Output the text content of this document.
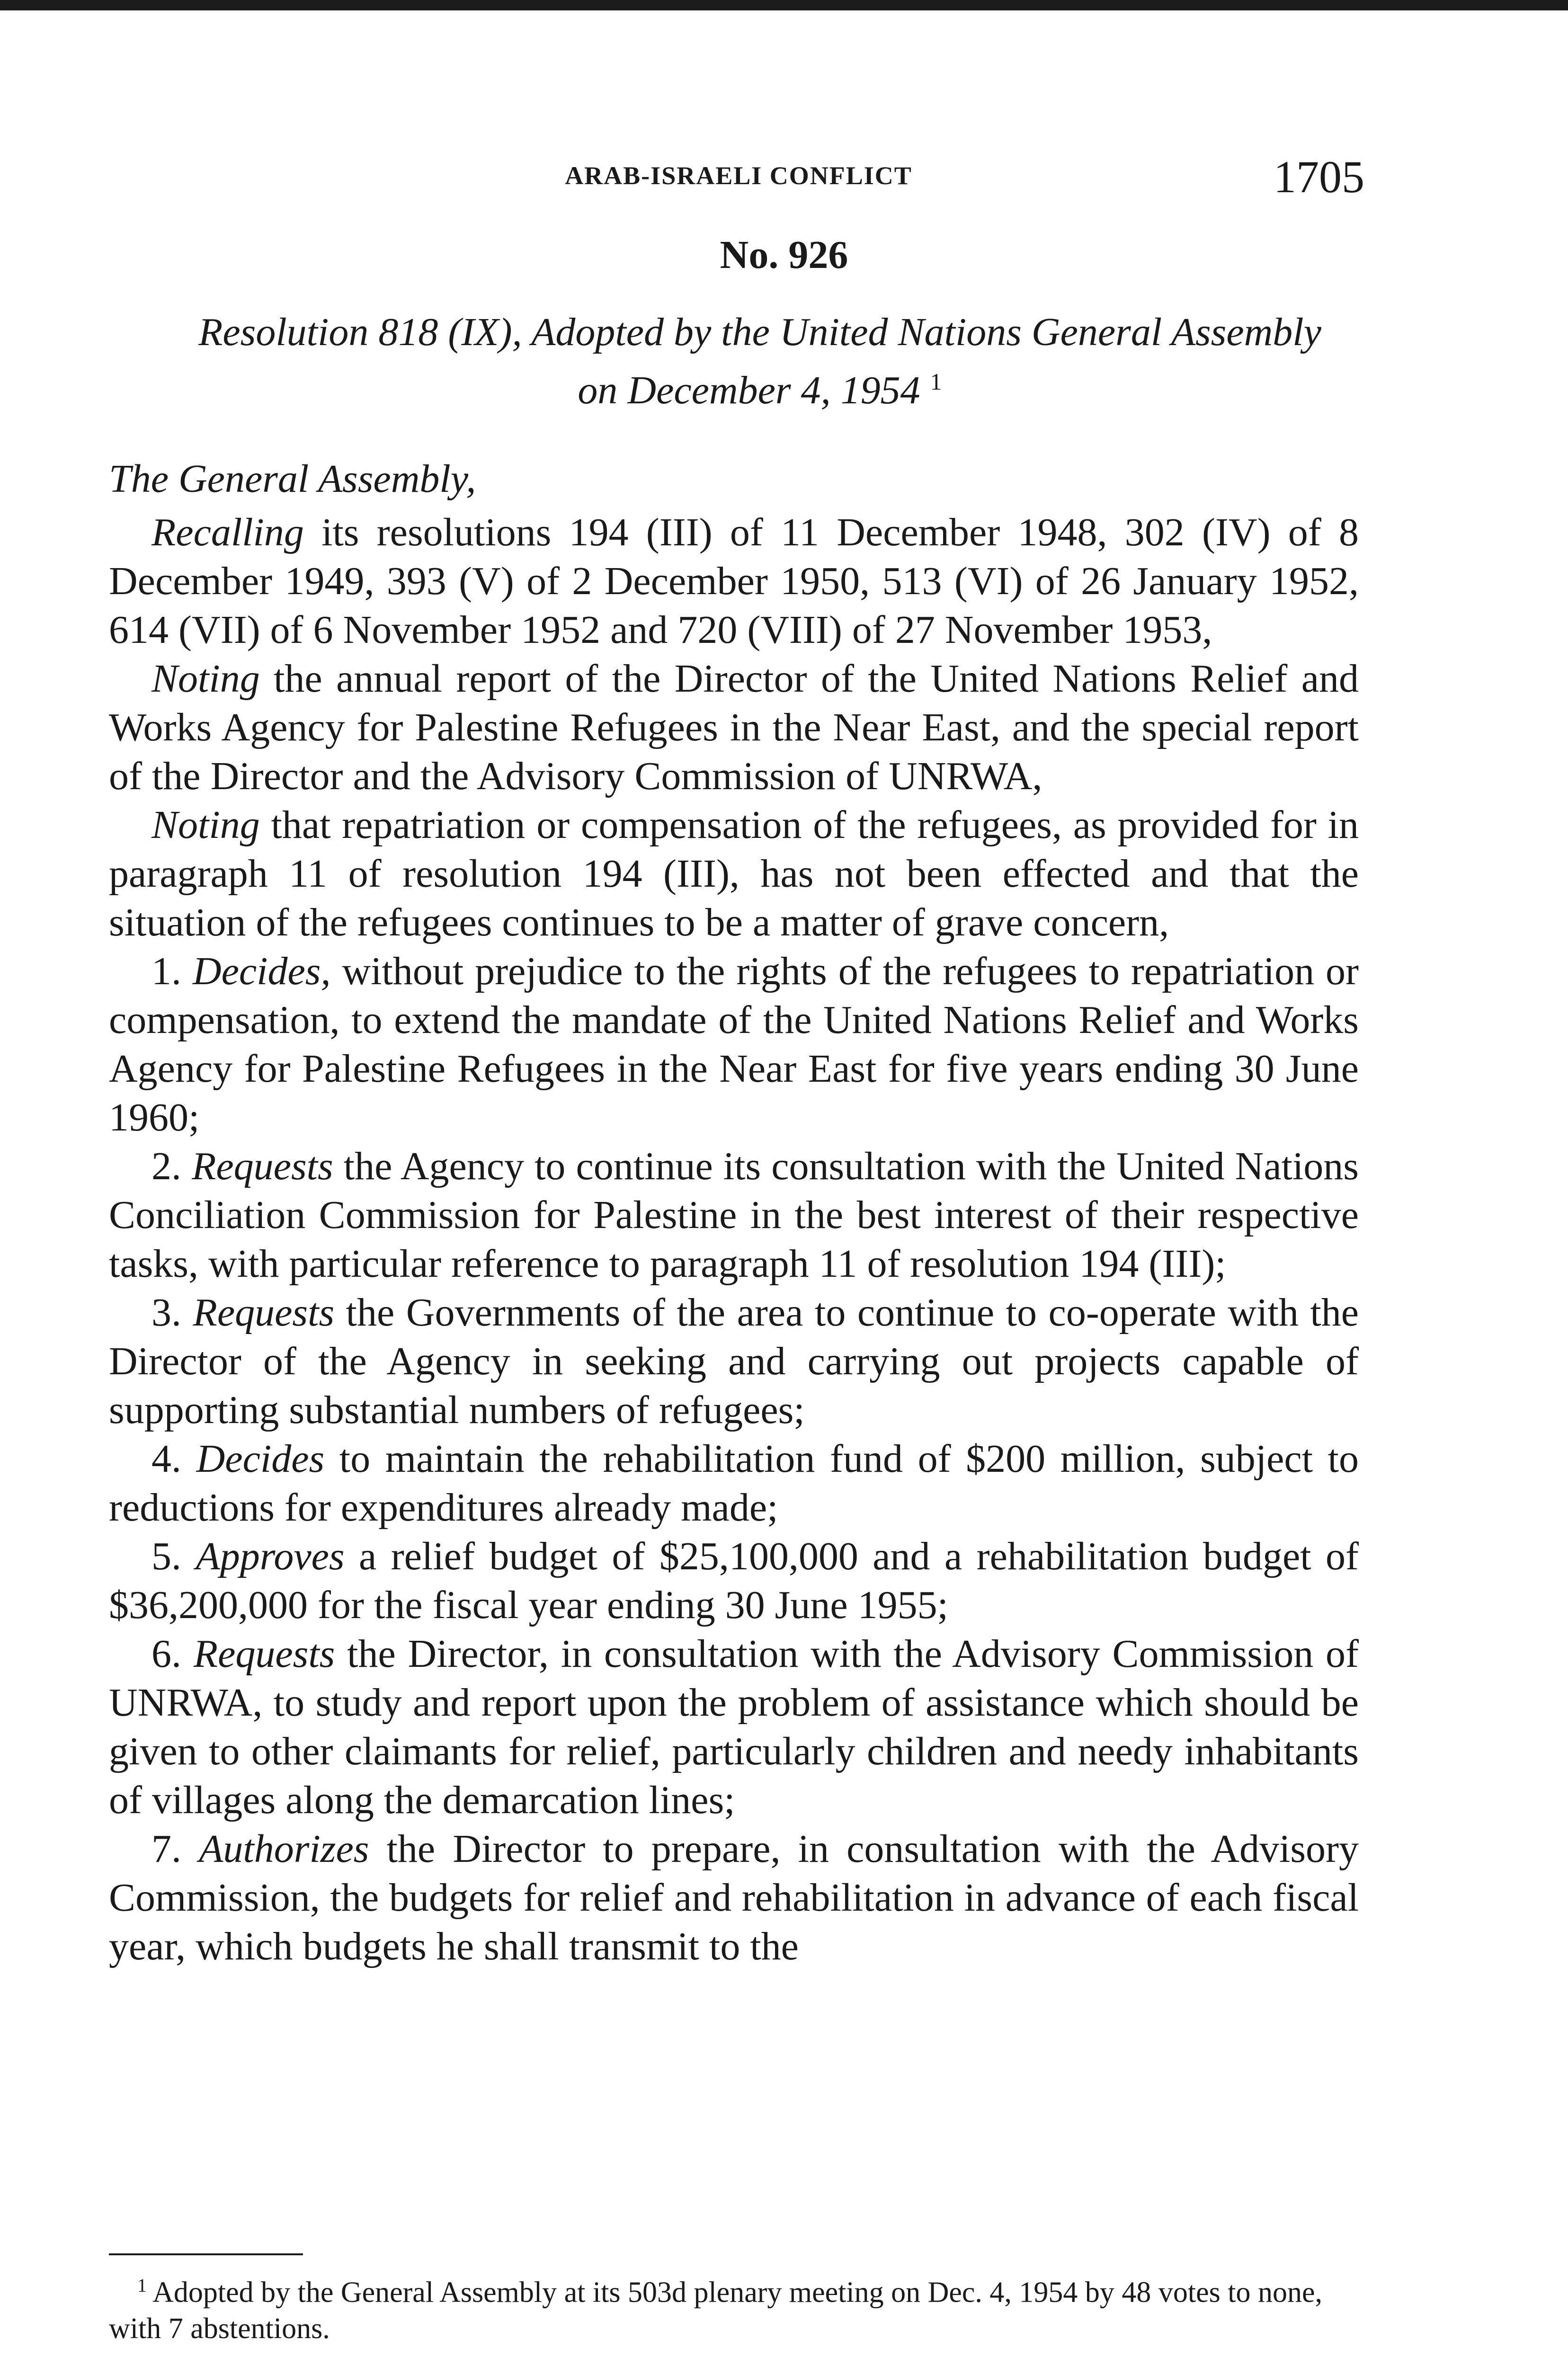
ARAB-ISRAELI CONFLICT	1705
No. 926
Resolution 818 (IX), Adopted by the United Nations General Assembly on December 4, 1954 $^1$

The General Assembly,

Recalling its resolutions 194 (III) of 11 December 1948, 302 (IV) of 8 December 1949, 393 (V) of 2 December 1950, 513 (VI) of 26 January 1952, 614 (VII) of 6 November 1952 and 720 (VIII) of 27 November 1953,

Noting the annual report of the Director of the United Nations Relief and Works Agency for Palestine Refugees in the Near East, and the special report of the Director and the Advisory Commission of UNRWA,

Noting that repatriation or compensation of the refugees, as provided for in paragraph 11 of resolution 194 (III), has not been effected and that the situation of the refugees continues to be a matter of grave concern,

1. Decides, without prejudice to the rights of the refugees to repatriation or compensation, to extend the mandate of the United Nations Relief and Works Agency for Palestine Refugees in the Near East for five years ending 30 June 1960;

2. Requests the Agency to continue its consultation with the United Nations Conciliation Commission for Palestine in the best interest of their respective tasks, with particular reference to paragraph 11 of resolution 194 (III);

3. Requests the Governments of the area to continue to co-operate with the Director of the Agency in seeking and carrying out projects capable of supporting substantial numbers of refugees;

4. Decides to maintain the rehabilitation fund of $200 million, subject to reductions for expenditures already made;

5. Approves a relief budget of $25,100,000 and a rehabilitation budget of $36,200,000 for the fiscal year ending 30 June 1955;

6. Requests the Director, in consultation with the Advisory Commission of UNRWA, to study and report upon the problem of assistance which should be given to other claimants for relief, particularly children and needy inhabitants of villages along the demarcation lines;

7. Authorizes the Director to prepare, in consultation with the Advisory Commission, the budgets for relief and rehabilitation in advance of each fiscal year, which budgets he shall transmit to the

$^1$ Adopted by the General Assembly at its 503d plenary meeting on Dec. 4, 1954 by 48 votes to none, with 7 abstentions.
